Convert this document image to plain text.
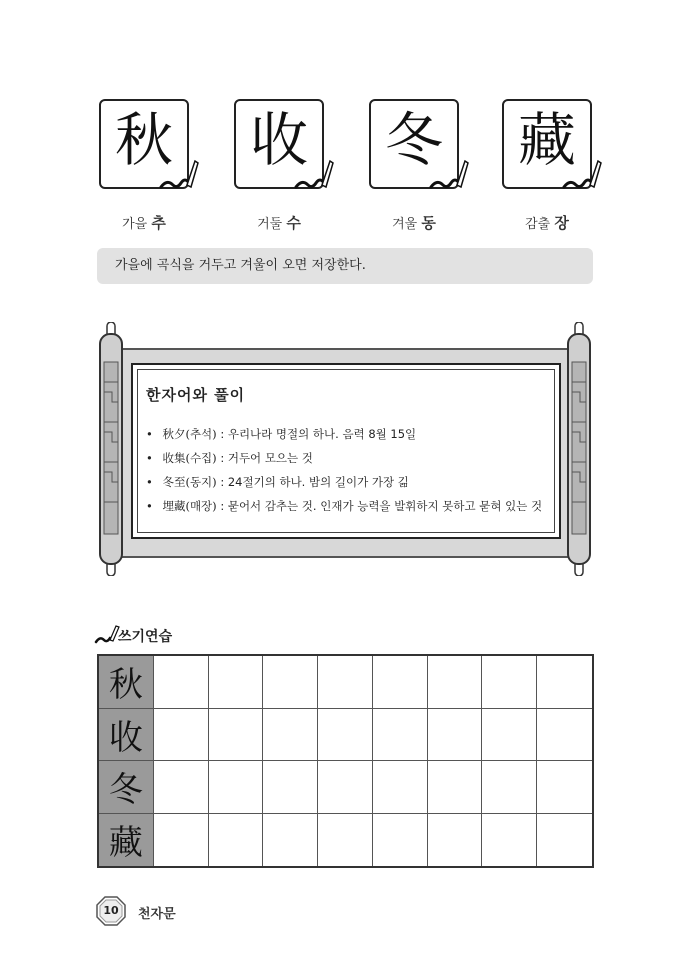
秋 收 冬 藏
가을 추	거둘 수	겨울 동	감출 장
가을에 곡식을 거두고 겨울이 오면 저장한다.
한자어와 풀이
• 秋夕(추석) : 우리나라 명절의 하나. 음력 8월 15일
• 收集(수집) : 거두어 모으는 것
• 冬至(동지) : 24절기의 하나. 밤의 길이가 가장 긺
• 埋藏(매장) : 묻어서 감추는 것. 인재가 능력을 발휘하지 못하고 묻혀 있는 것
쓰기연습
秋
收
冬
藏
10	천자문
